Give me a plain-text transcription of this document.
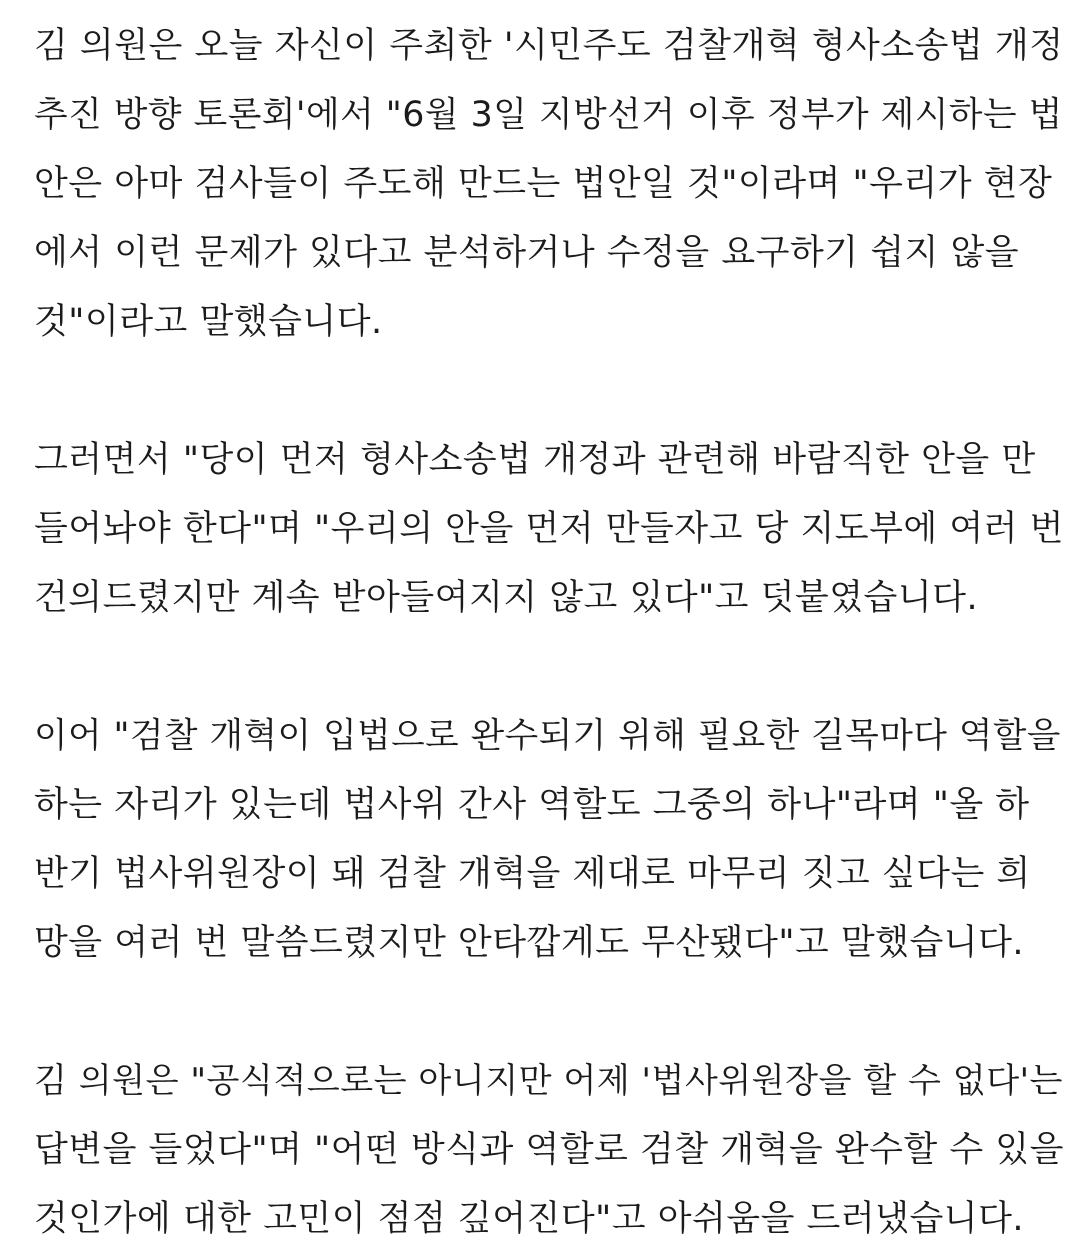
김 의원은 오늘 자신이 주최한 '시민주도 검찰개혁 형사소송법 개정
추진 방향 토론회'에서 "6월 3일 지방선거 이후 정부가 제시하는 법
안은 아마 검사들이 주도해 만드는 법안일 것"이라며 "우리가 현장
에서 이런 문제가 있다고 분석하거나 수정을 요구하기 쉽지 않을
것"이라고 말했습니다.

그러면서 "당이 먼저 형사소송법 개정과 관련해 바람직한 안을 만
들어놔야 한다"며 "우리의 안을 먼저 만들자고 당 지도부에 여러 번
건의드렸지만 계속 받아들여지지 않고 있다"고 덧붙였습니다.

이어 "검찰 개혁이 입법으로 완수되기 위해 필요한 길목마다 역할을
하는 자리가 있는데 법사위 간사 역할도 그중의 하나"라며 "올 하
반기 법사위원장이 돼 검찰 개혁을 제대로 마무리 짓고 싶다는 희
망을 여러 번 말씀드렸지만 안타깝게도 무산됐다"고 말했습니다.

김 의원은 "공식적으로는 아니지만 어제 '법사위원장을 할 수 없다'는
답변을 들었다"며 "어떤 방식과 역할로 검찰 개혁을 완수할 수 있을
것인가에 대한 고민이 점점 깊어진다"고 아쉬움을 드러냈습니다.
